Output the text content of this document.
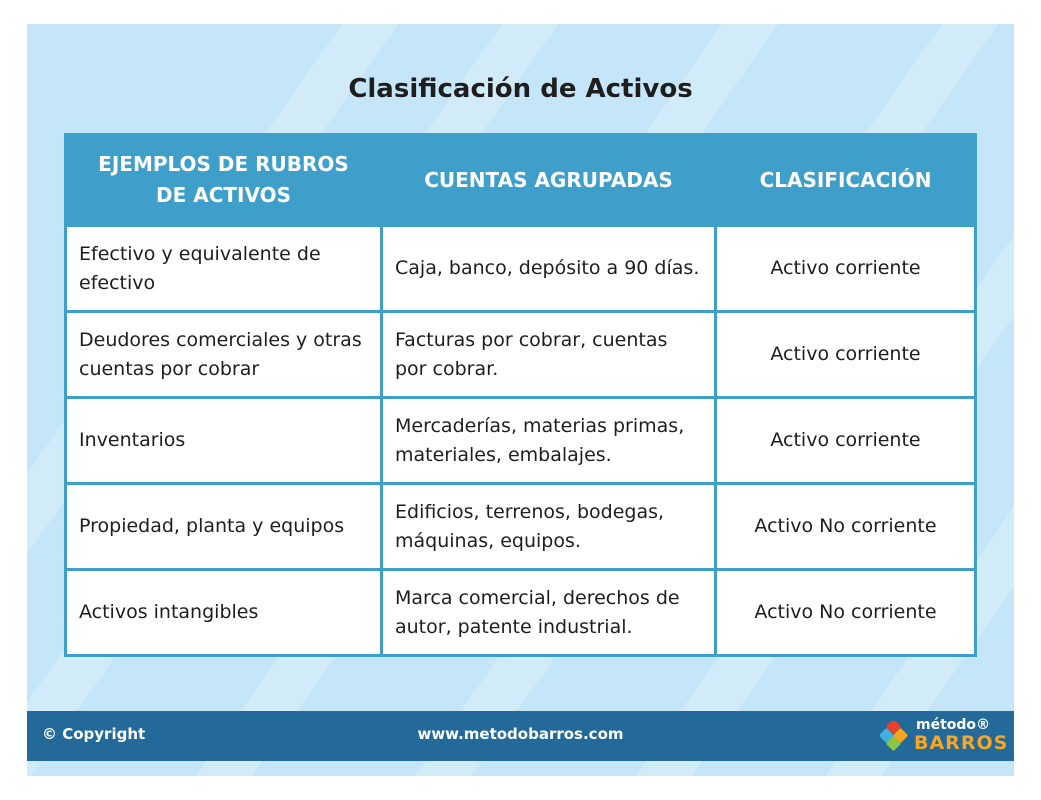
Clasificación de Activos
EJEMPLOS DE RUBROS
DE ACTIVOS	CUENTAS AGRUPADAS	CLASIFICACIÓN
Efectivo y equivalente de efectivo	Caja, banco, depósito a 90 días.	Activo corriente
Deudores comerciales y otras cuentas por cobrar	Facturas por cobrar, cuentas por cobrar.	Activo corriente
Inventarios	Mercaderías, materias primas, materiales, embalajes.	Activo corriente
Propiedad, planta y equipos	Edificios, terrenos, bodegas, máquinas, equipos.	Activo No corriente
Activos intangibles	Marca comercial, derechos de autor, patente industrial.	Activo No corriente
© Copyright	www.metodobarros.com	método®
BARROS
